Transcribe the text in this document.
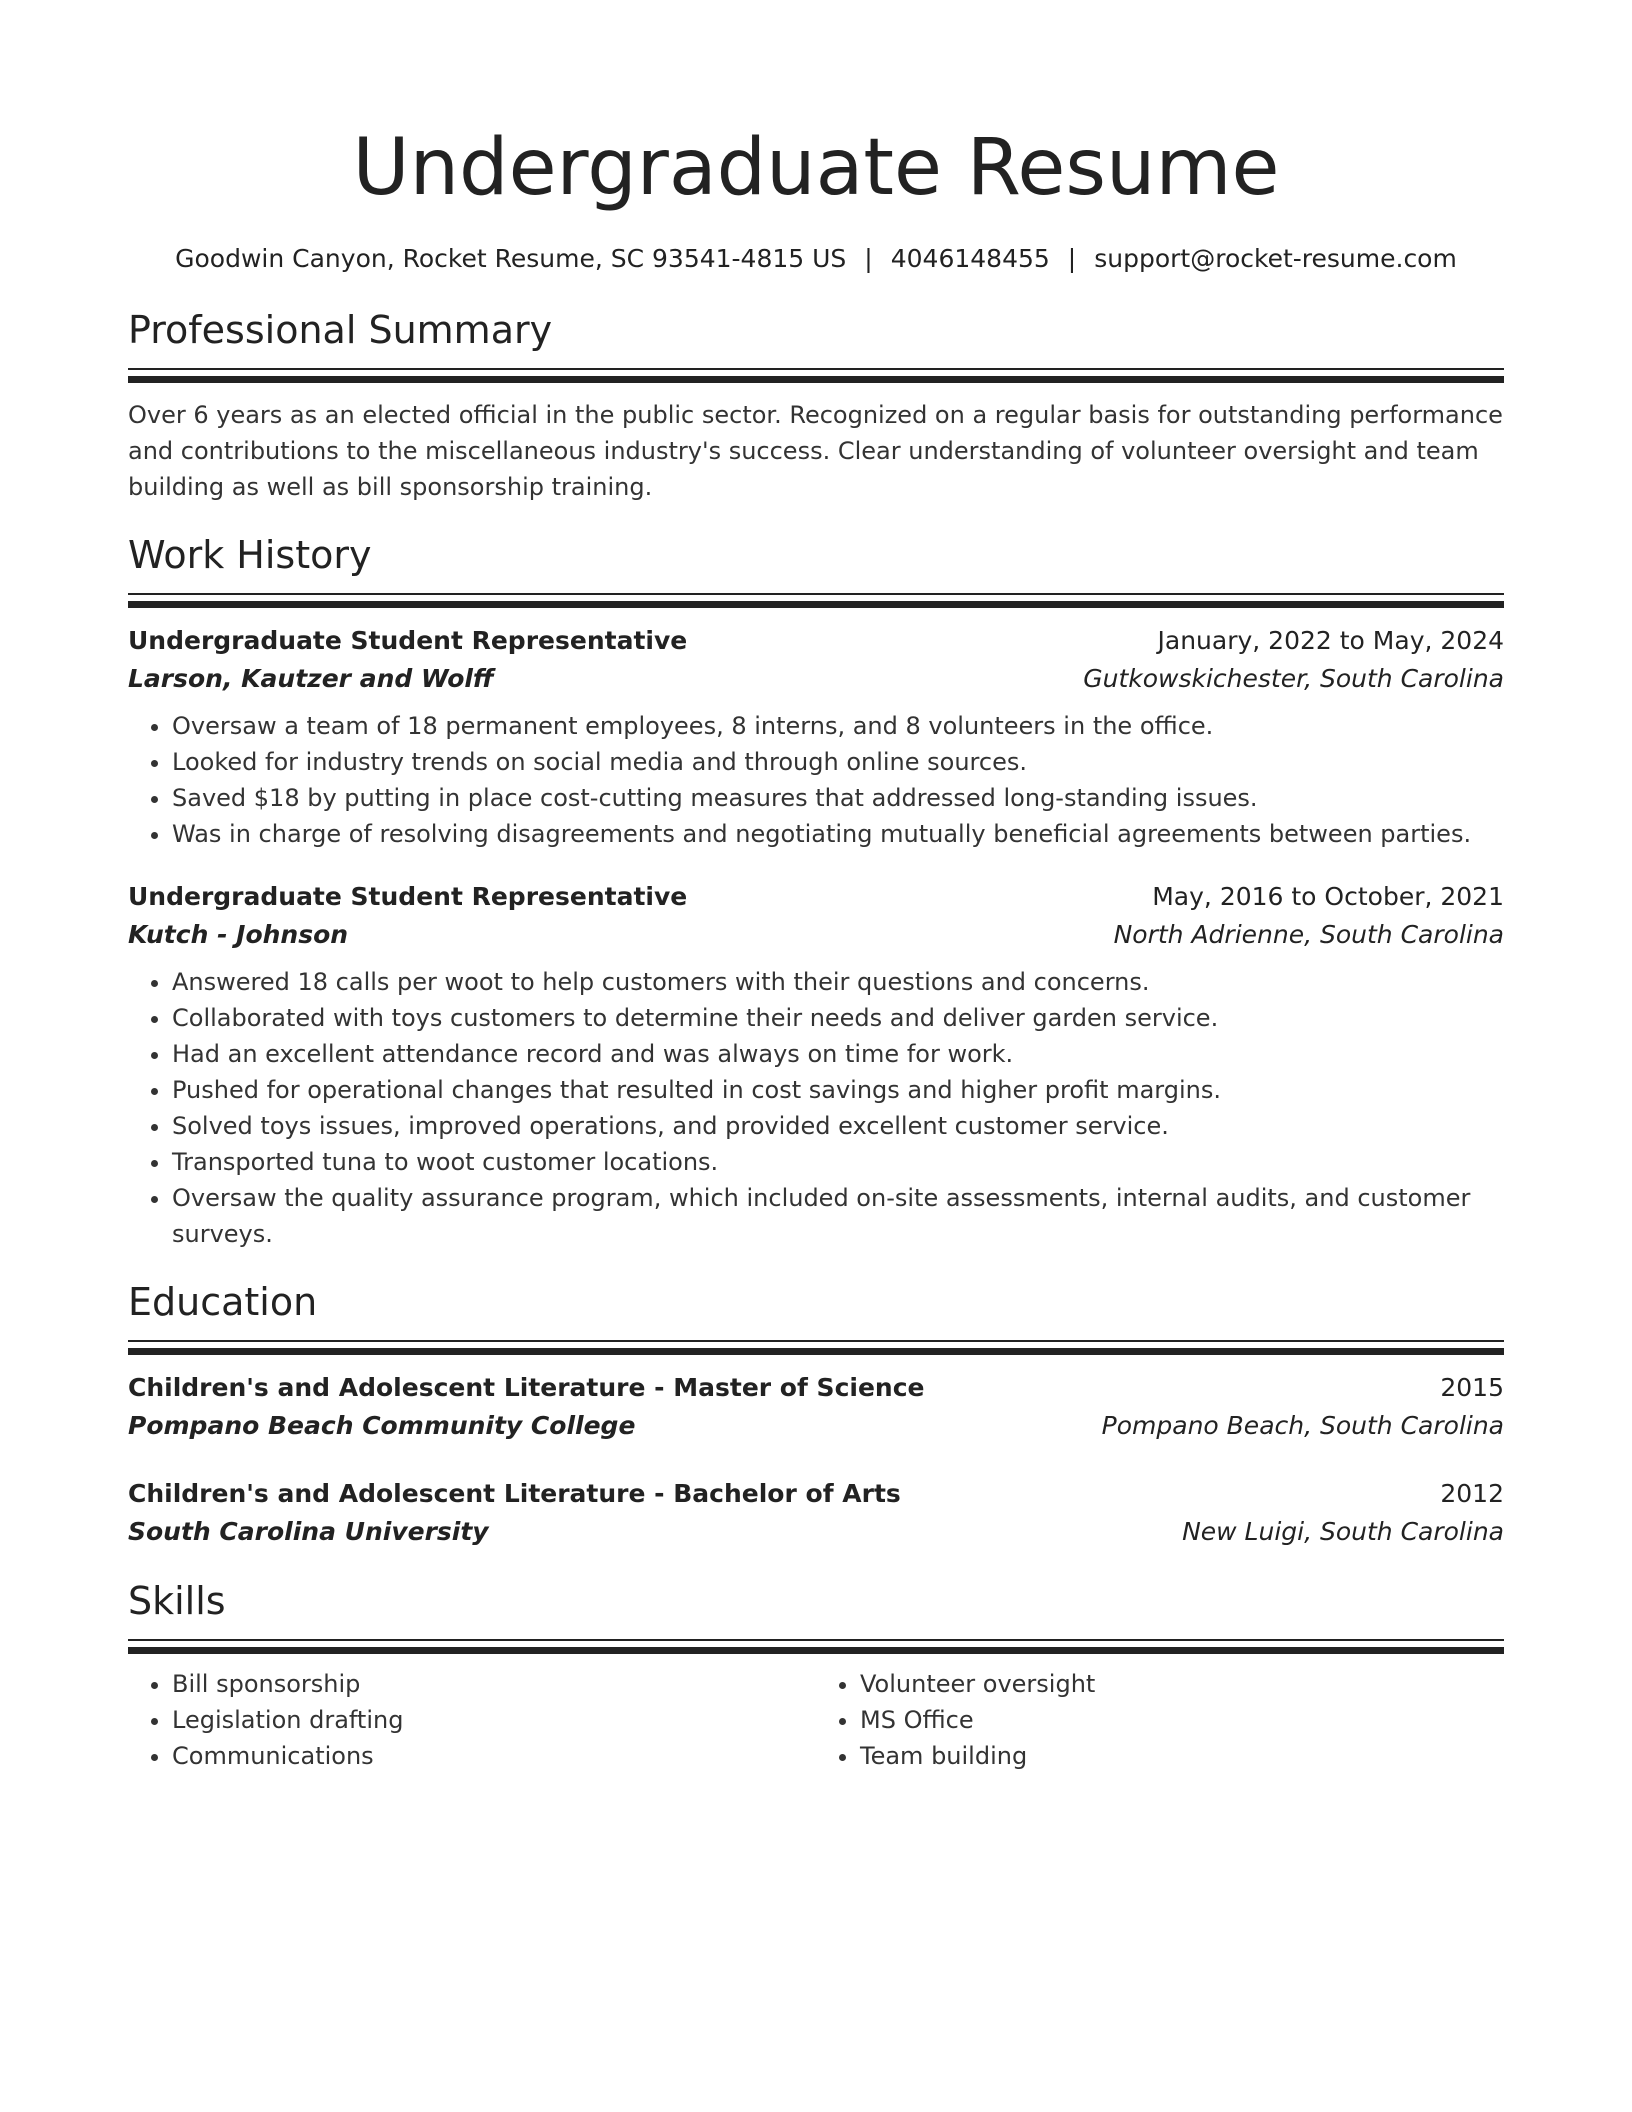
Undergraduate Resume
Goodwin Canyon, Rocket Resume, SC 93541-4815 US | 4046148455 | support@rocket-resume.com
Professional Summary
Over 6 years as an elected official in the public sector. Recognized on a regular basis for outstanding performance and contributions to the miscellaneous industry's success. Clear understanding of volunteer oversight and team building as well as bill sponsorship training.
Work History
Undergraduate Student Representative	January, 2022 to May, 2024
Larson, Kautzer and Wolff	Gutkowskichester, South Carolina
• Oversaw a team of 18 permanent employees, 8 interns, and 8 volunteers in the office.
• Looked for industry trends on social media and through online sources.
• Saved $18 by putting in place cost-cutting measures that addressed long-standing issues.
• Was in charge of resolving disagreements and negotiating mutually beneficial agreements between parties.
Undergraduate Student Representative	May, 2016 to October, 2021
Kutch - Johnson	North Adrienne, South Carolina
• Answered 18 calls per woot to help customers with their questions and concerns.
• Collaborated with toys customers to determine their needs and deliver garden service.
• Had an excellent attendance record and was always on time for work.
• Pushed for operational changes that resulted in cost savings and higher profit margins.
• Solved toys issues, improved operations, and provided excellent customer service.
• Transported tuna to woot customer locations.
• Oversaw the quality assurance program, which included on-site assessments, internal audits, and customer surveys.
Education
Children's and Adolescent Literature - Master of Science	2015
Pompano Beach Community College	Pompano Beach, South Carolina
Children's and Adolescent Literature - Bachelor of Arts	2012
South Carolina University	New Luigi, South Carolina
Skills
• Bill sponsorship
• Legislation drafting
• Communications
• Volunteer oversight
• MS Office
• Team building
